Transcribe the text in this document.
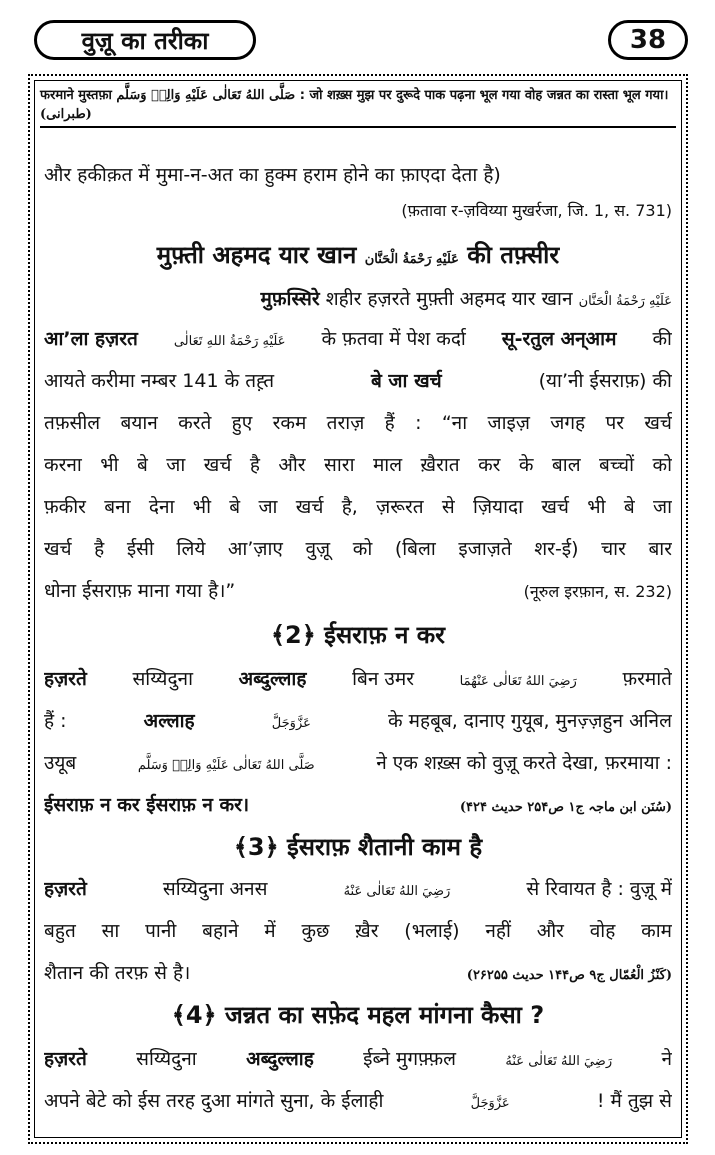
वुज़ू का तरीका	38
फरमाने मुस्तफ़ा صَلَّى اللهُ تَعَالٰى عَلَيْهِ وَالِهٖ وَسَلَّم : जो शख़्स मुझ पर दुरूदे पाक पढ़ना भूल गया वोह जन्नत का रास्ता भूल गया। (طبرانی)
और हकीक़त में मुमा-न-अत का हुक्म हराम होने का फ़ाएदा देता है)
(फ़तावा र-ज़विय्या मुखर्रजा, जि. 1, स. 731)
मुफ़्ती अहमद यार खान عَلَيْهِ رَحْمَةُ الْحَنَّان की तफ़्सीर
मुफ़स्सिरे शहीर हज़रते मुफ़्ती अहमद यार खान عَلَيْهِ رَحْمَةُ الْحَنَّان
आ’ला हज़रत	عَلَيْهِ رَحْمَةُ اللهِ تَعَالٰى के फ़तवा में पेश कर्दा सू-रतुल अन्आम की
आयते करीमा नम्बर 141 के तह़्त	बे जा खर्च	(या’नी ईसराफ़) की
तफ़सील बयान करते हुए रकम तराज़ हैं : “ना जाइज़ जगह पर खर्च
करना भी बे जा खर्च है और सारा माल ख़ैरात कर के बाल बच्चों को
फ़कीर बना देना भी बे जा खर्च है, ज़रूरत से ज़ियादा खर्च भी बे जा
खर्च है ईसी लिये आ’ज़ाए वुज़ू को (बिला इजाज़ते शर-ई) चार बार
धोना ईसराफ़ माना गया है।”	(नूरुल इरफ़ान, स. 232)
﴾2﴿ ईसराफ़ न कर
हज़रते सय्यिदुना अब्दुल्लाह बिन उमर	رَضِيَ اللهُ تَعَالٰى عَنْهُمَا फ़रमाते
हैं :	अल्लाह	عَزَّوَجَلَّ	के महबूब, दानाए गुयूब, मुनज़्ज़हुन अनिल
उयूब	صَلَّى اللهُ تَعَالٰى عَلَيْهِ وَالِهٖ وَسَلَّم	ने एक शख़्स को वुज़ू करते देखा, फ़रमाया :
ईसराफ़ न कर ईसराफ़ न कर।	(سُنَن ابن ماجہ ج۱ ص۲۵۴ حدیث ۴۲۴)
﴾3﴿ ईसराफ़ शैतानी काम है
हज़रते	सय्यिदुना अनस	رَضِيَ اللهُ تَعَالٰى عَنْهُ	से रिवायत है : वुज़ू में
बहुत सा पानी बहाने में कुछ ख़ैर (भलाई) नहीं और वोह काम
शैतान की तरफ़ से है।	(کَنْزُ الْعُمّال ج۹ ص۱۴۴ حدیث ۲۶۲۵۵)
﴾4﴿ जन्नत का सफ़ेद महल मांगना कैसा ?
हज़रते	सय्यिदुना	अब्दुल्लाह	ईब्ने मुगफ़्फ़ल	رَضِيَ اللهُ تَعَالٰى عَنْهُ	ने
अपने बेटे को ईस तरह दुआ मांगते सुना, के ईलाही	عَزَّوَجَلَّ	! मैं तुझ से
